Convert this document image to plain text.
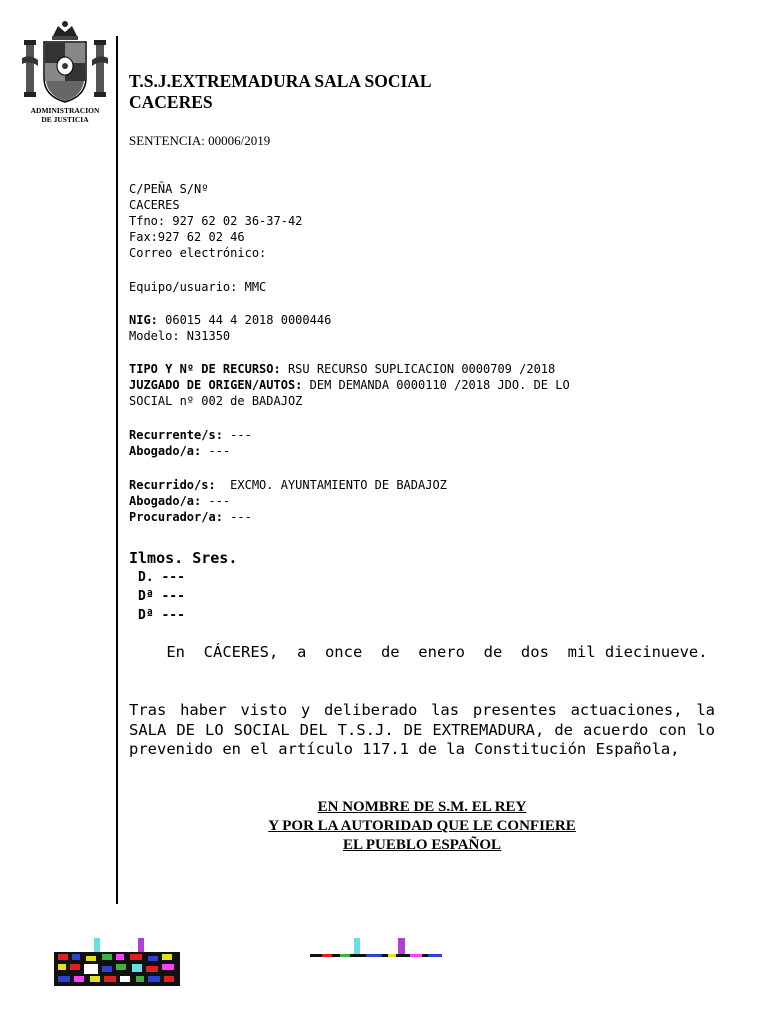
ADMINISTRACION
DE JUSTICIA
T.S.J.EXTREMADURA SALA SOCIAL
CACERES
SENTENCIA: 00006/2019
C/PEÑA S/Nº
CACERES
Tfno: 927 62 02 36-37-42
Fax:927 62 02 46
Correo electrónico:
Equipo/usuario: MMC
NIG: 06015 44 4 2018 0000446
Modelo: N31350
TIPO Y Nº DE RECURSO: RSU RECURSO SUPLICACION 0000709 /2018
JUZGADO DE ORIGEN/AUTOS: DEM DEMANDA 0000110 /2018 JDO. DE LO
SOCIAL nº 002 de BADAJOZ
Recurrente/s: ---
Abogado/a: ---
Recurrido/s:  EXCMO. AYUNTAMIENTO DE BADAJOZ
Abogado/a: ---
Procurador/a: ---
Ilmos. Sres.
D. ---
Dª ---
Dª ---
En  CÁCERES,  a  once  de  enero  de  dos  mil diecinueve.
Tras haber visto y deliberado las presentes actuaciones, la SALA DE LO SOCIAL DEL T.S.J. DE EXTREMADURA, de acuerdo con lo prevenido en el artículo 117.1 de la Constitución Española,
EN NOMBRE DE S.M. EL REY
Y POR LA AUTORIDAD QUE LE CONFIERE
EL PUEBLO ESPAÑOL
